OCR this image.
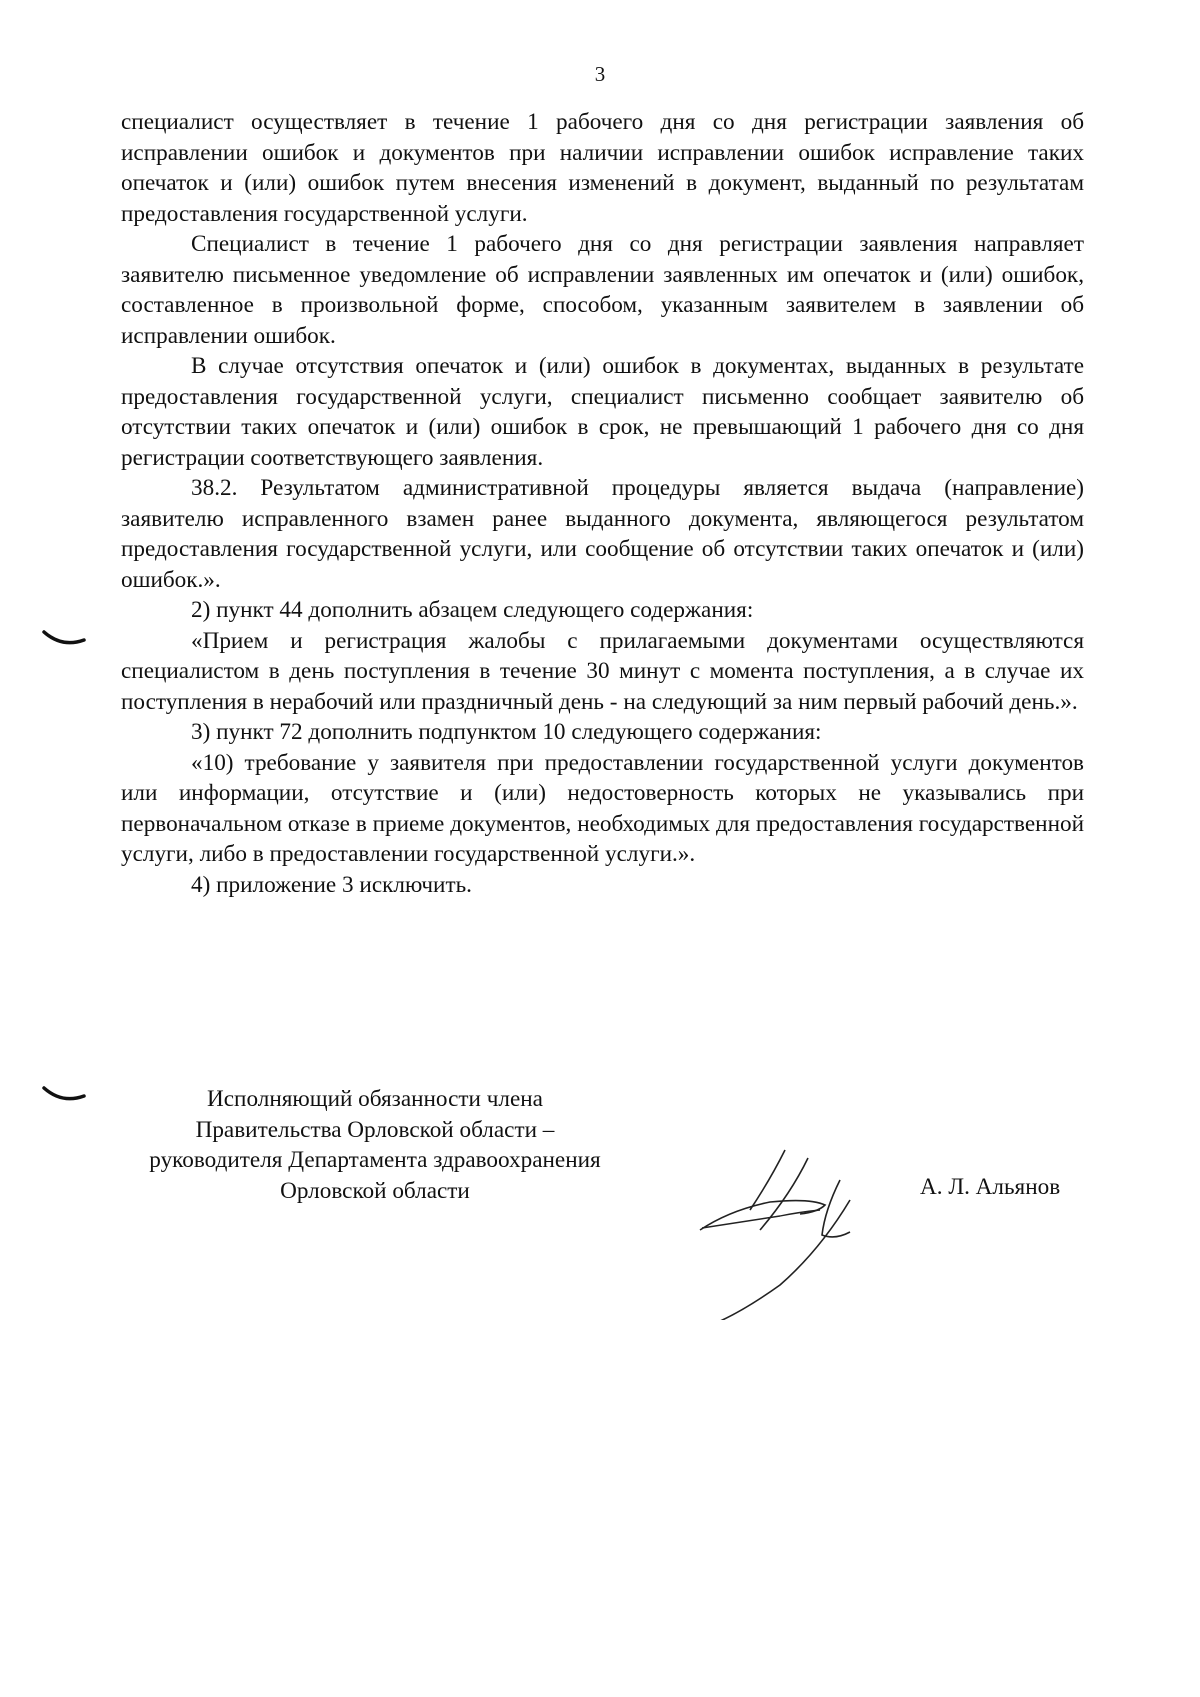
3

специалист осуществляет в течение 1 рабочего дня со дня регистрации заявления об исправлении ошибок и документов при наличии исправлении ошибок исправление таких опечаток и (или) ошибок путем внесения изменений в документ, выданный по результатам предоставления государственной услуги.

Специалист в течение 1 рабочего дня со дня регистрации заявления направляет заявителю письменное уведомление об исправлении заявленных им опечаток и (или) ошибок, составленное в произвольной форме, способом, указанным заявителем в заявлении об исправлении ошибок.

В случае отсутствия опечаток и (или) ошибок в документах, выданных в результате предоставления государственной услуги, специалист письменно сообщает заявителю об отсутствии таких опечаток и (или) ошибок в срок, не превышающий 1 рабочего дня со дня регистрации соответствующего заявления.

38.2. Результатом административной процедуры является выдача (направление) заявителю исправленного взамен ранее выданного документа, являющегося результатом предоставления государственной услуги, или сообщение об отсутствии таких опечаток и (или) ошибок.».

2) пункт 44 дополнить абзацем следующего содержания:

«Прием и регистрация жалобы с прилагаемыми документами осуществляются специалистом в день поступления в течение 30 минут с момента поступления, а в случае их поступления в нерабочий или праздничный день - на следующий за ним первый рабочий день.».

3) пункт 72 дополнить подпунктом 10 следующего содержания:

«10) требование у заявителя при предоставлении государственной услуги документов или информации, отсутствие и (или) недостоверность которых не указывались при первоначальном отказе в приеме документов, необходимых для предоставления государственной услуги, либо в предоставлении государственной услуги.».

4) приложение 3 исключить.

Исполняющий обязанности члена
Правительства Орловской области –
руководителя Департамента здравоохранения
Орловской области	А. Л. Альянов
